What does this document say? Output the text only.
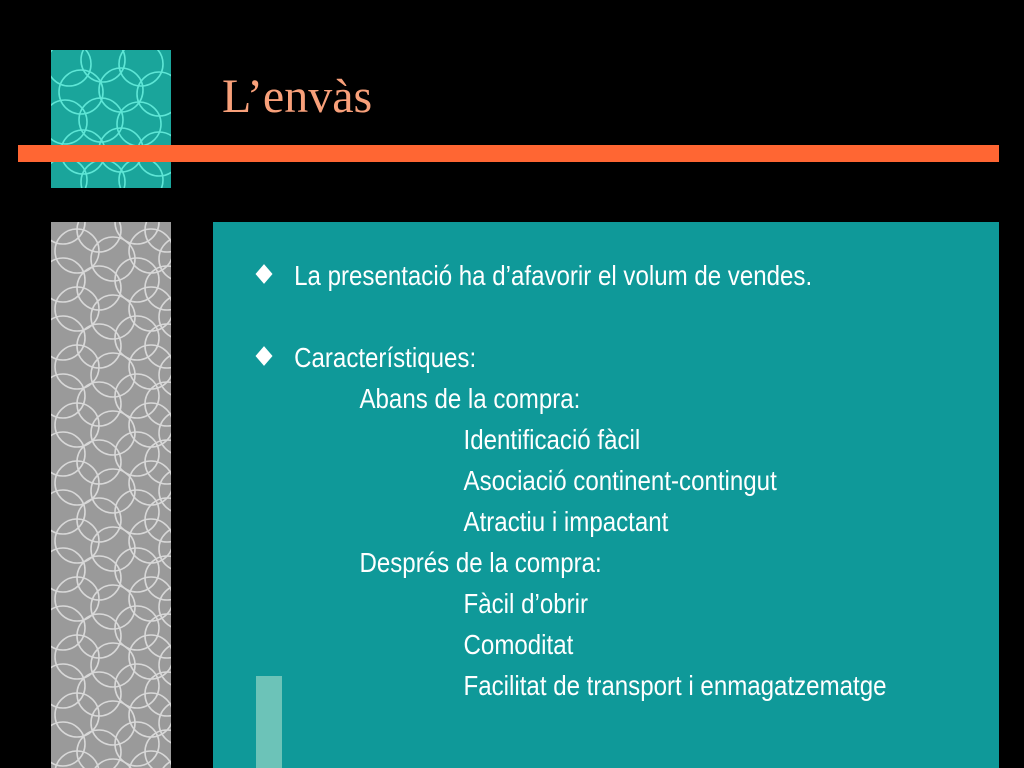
L’envàs
La presentació ha d’afavorir el volum de vendes.
Característiques:
Abans de la compra:
Identificació fàcil
Asociació continent-contingut
Atractiu i impactant
Després de la compra:
Fàcil d’obrir
Comoditat
Facilitat de transport i enmagatzematge
